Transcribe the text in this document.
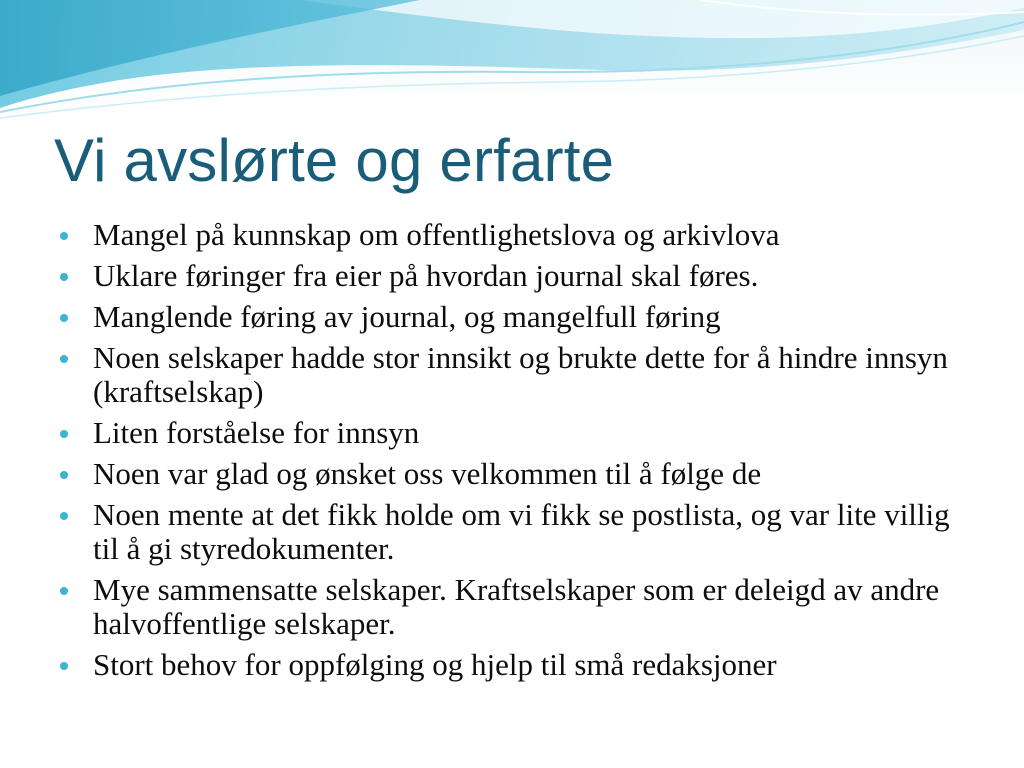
Vi avslørte og erfarte
Mangel på kunnskap om offentlighetslova og arkivlova
Uklare føringer fra eier på hvordan journal skal føres.
Manglende føring av journal, og mangelfull føring
Noen selskaper hadde stor innsikt og brukte dette for å hindre innsyn (kraftselskap)
Liten forståelse for innsyn
Noen var glad og ønsket oss velkommen til å følge de
Noen mente at det fikk holde om vi fikk se postlista, og var lite villig til å gi styredokumenter.
Mye sammensatte selskaper. Kraftselskaper som er deleigd av andre halvoffentlige selskaper.
Stort behov for oppfølging og hjelp til små redaksjoner
